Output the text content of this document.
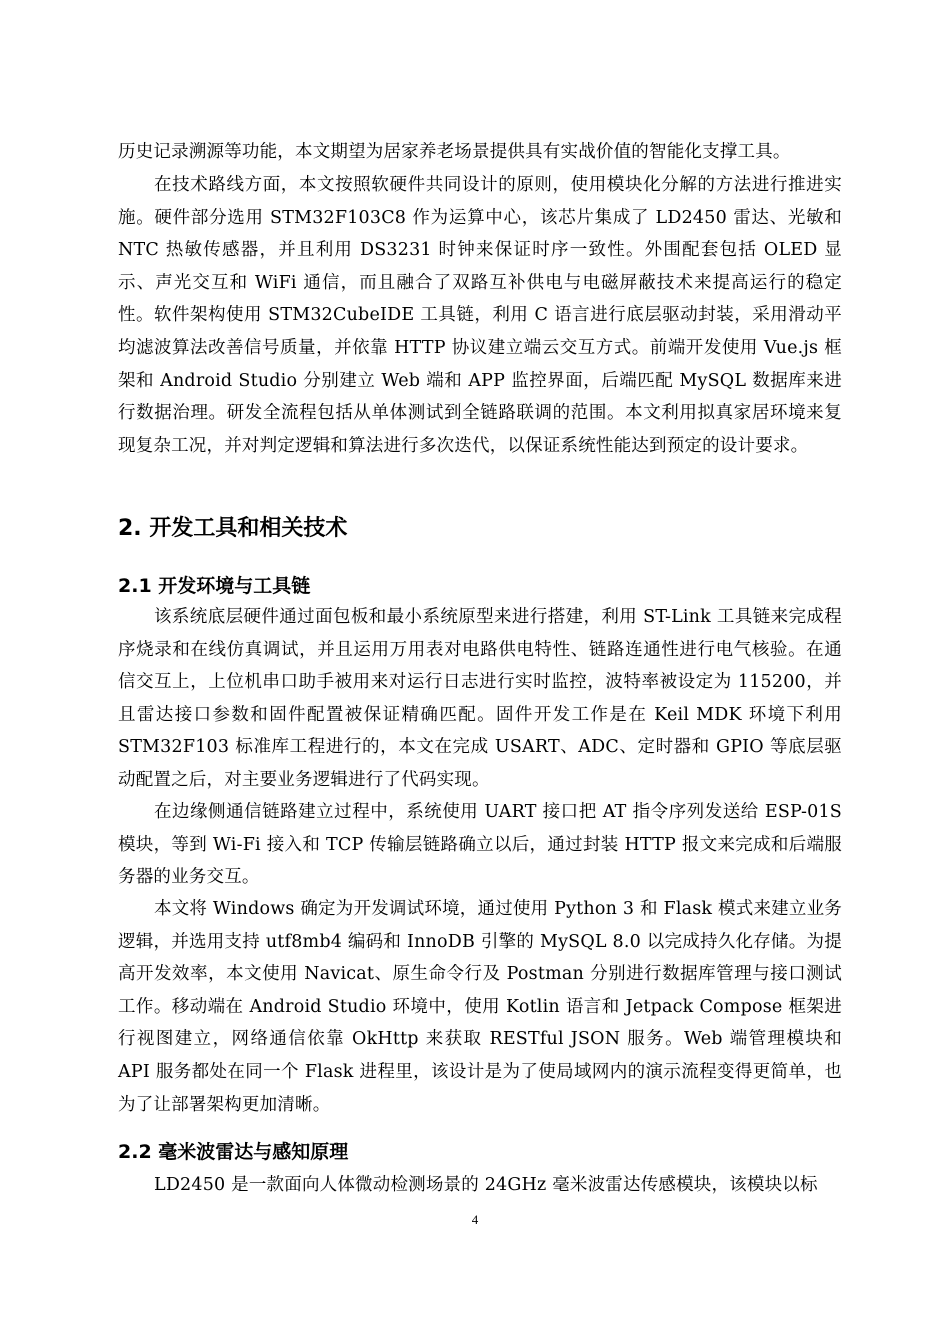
历史记录溯源等功能，本文期望为居家养老场景提供具有实战价值的智能化支撑工具。
在技术路线方面，本文按照软硬件共同设计的原则，使用模块化分解的方法进行推进实施。硬件部分选用 STM32F103C8 作为运算中心，该芯片集成了 LD2450 雷达、光敏和 NTC 热敏传感器，并且利用 DS3231 时钟来保证时序一致性。外围配套包括 OLED 显示、声光交互和 WiFi 通信，而且融合了双路互补供电与电磁屏蔽技术来提高运行的稳定性。软件架构使用 STM32CubeIDE 工具链，利用 C 语言进行底层驱动封装，采用滑动平均滤波算法改善信号质量，并依靠 HTTP 协议建立端云交互方式。前端开发使用 Vue.js 框架和 Android Studio 分别建立 Web 端和 APP 监控界面，后端匹配 MySQL 数据库来进行数据治理。研发全流程包括从单体测试到全链路联调的范围。本文利用拟真家居环境来复现复杂工况，并对判定逻辑和算法进行多次迭代，以保证系统性能达到预定的设计要求。
2. 开发工具和相关技术
2.1 开发环境与工具链
该系统底层硬件通过面包板和最小系统原型来进行搭建，利用 ST-Link 工具链来完成程序烧录和在线仿真调试，并且运用万用表对电路供电特性、链路连通性进行电气核验。在通信交互上，上位机串口助手被用来对运行日志进行实时监控，波特率被设定为 115200，并且雷达接口参数和固件配置被保证精确匹配。固件开发工作是在 Keil MDK 环境下利用 STM32F103 标准库工程进行的，本文在完成 USART、ADC、定时器和 GPIO 等底层驱动配置之后，对主要业务逻辑进行了代码实现。
在边缘侧通信链路建立过程中，系统使用 UART 接口把 AT 指令序列发送给 ESP-01S 模块，等到 Wi-Fi 接入和 TCP 传输层链路确立以后，通过封装 HTTP 报文来完成和后端服务器的业务交互。
本文将 Windows 确定为开发调试环境，通过使用 Python 3 和 Flask 模式来建立业务逻辑，并选用支持 utf8mb4 编码和 InnoDB 引擎的 MySQL 8.0 以完成持久化存储。为提高开发效率，本文使用 Navicat、原生命令行及 Postman 分别进行数据库管理与接口测试工作。移动端在 Android Studio 环境中，使用 Kotlin 语言和 Jetpack Compose 框架进行视图建立，网络通信依靠 OkHttp 来获取 RESTful JSON 服务。Web 端管理模块和 API 服务都处在同一个 Flask 进程里，该设计是为了使局域网内的演示流程变得更简单，也为了让部署架构更加清晰。
2.2 毫米波雷达与感知原理
LD2450 是一款面向人体微动检测场景的 24GHz 毫米波雷达传感模块，该模块以标
4
